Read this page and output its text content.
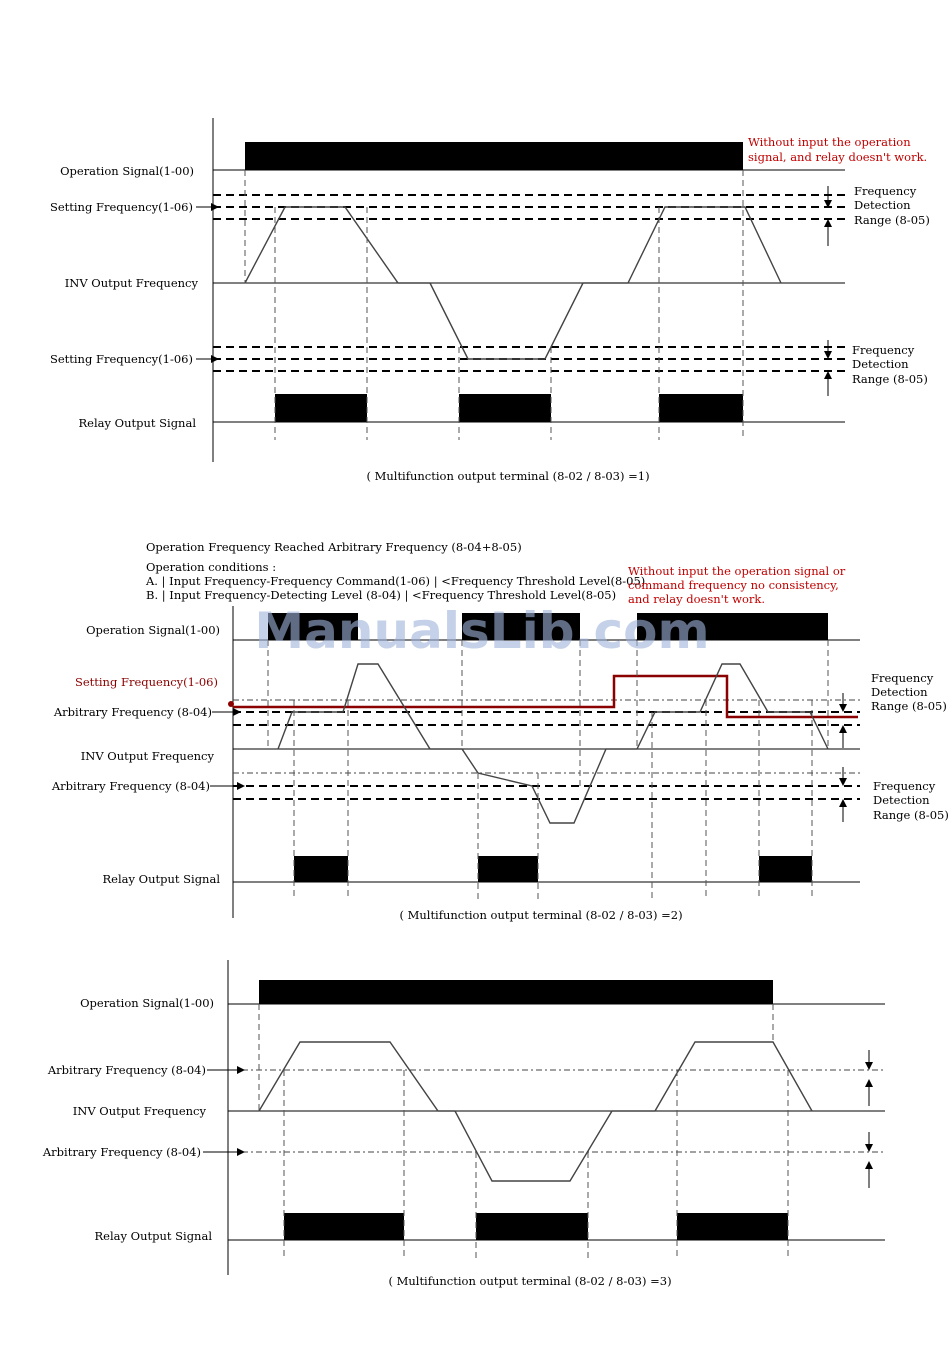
Operation Signal(1-00)
Setting Frequency(1-06)
INV Output Frequency
Setting Frequency(1-06)
Relay Output Signal
Without input the operation
signal, and relay doesn't work.
Frequency
Detection
Range (8-05)
Frequency
Detection
Range (8-05)
( Multifunction output terminal (8-02 / 8-03) =1)
Operation Frequency Reached Arbitrary Frequency (8-04+8-05)
Operation conditions :
A. | Input Frequency-Frequency Command(1-06) | <Frequency Threshold Level(8-05)
B. | Input Frequency-Detecting Level (8-04) | <Frequency Threshold Level(8-05)
Without input the operation signal or
command frequency no consistency,
and relay doesn't work.
Operation Signal(1-00)
Setting Frequency(1-06)
Arbitrary Frequency (8-04)
INV Output Frequency
Arbitrary Frequency (8-04)
Relay Output Signal
Frequency
Detection
Range (8-05)
Frequency
Detection
Range (8-05)
( Multifunction output terminal (8-02 / 8-03) =2)
Operation Signal(1-00)
Arbitrary Frequency (8-04)
INV Output Frequency
Arbitrary Frequency (8-04)
Relay Output Signal
( Multifunction output terminal (8-02 / 8-03) =3)
ManualsLib.com
